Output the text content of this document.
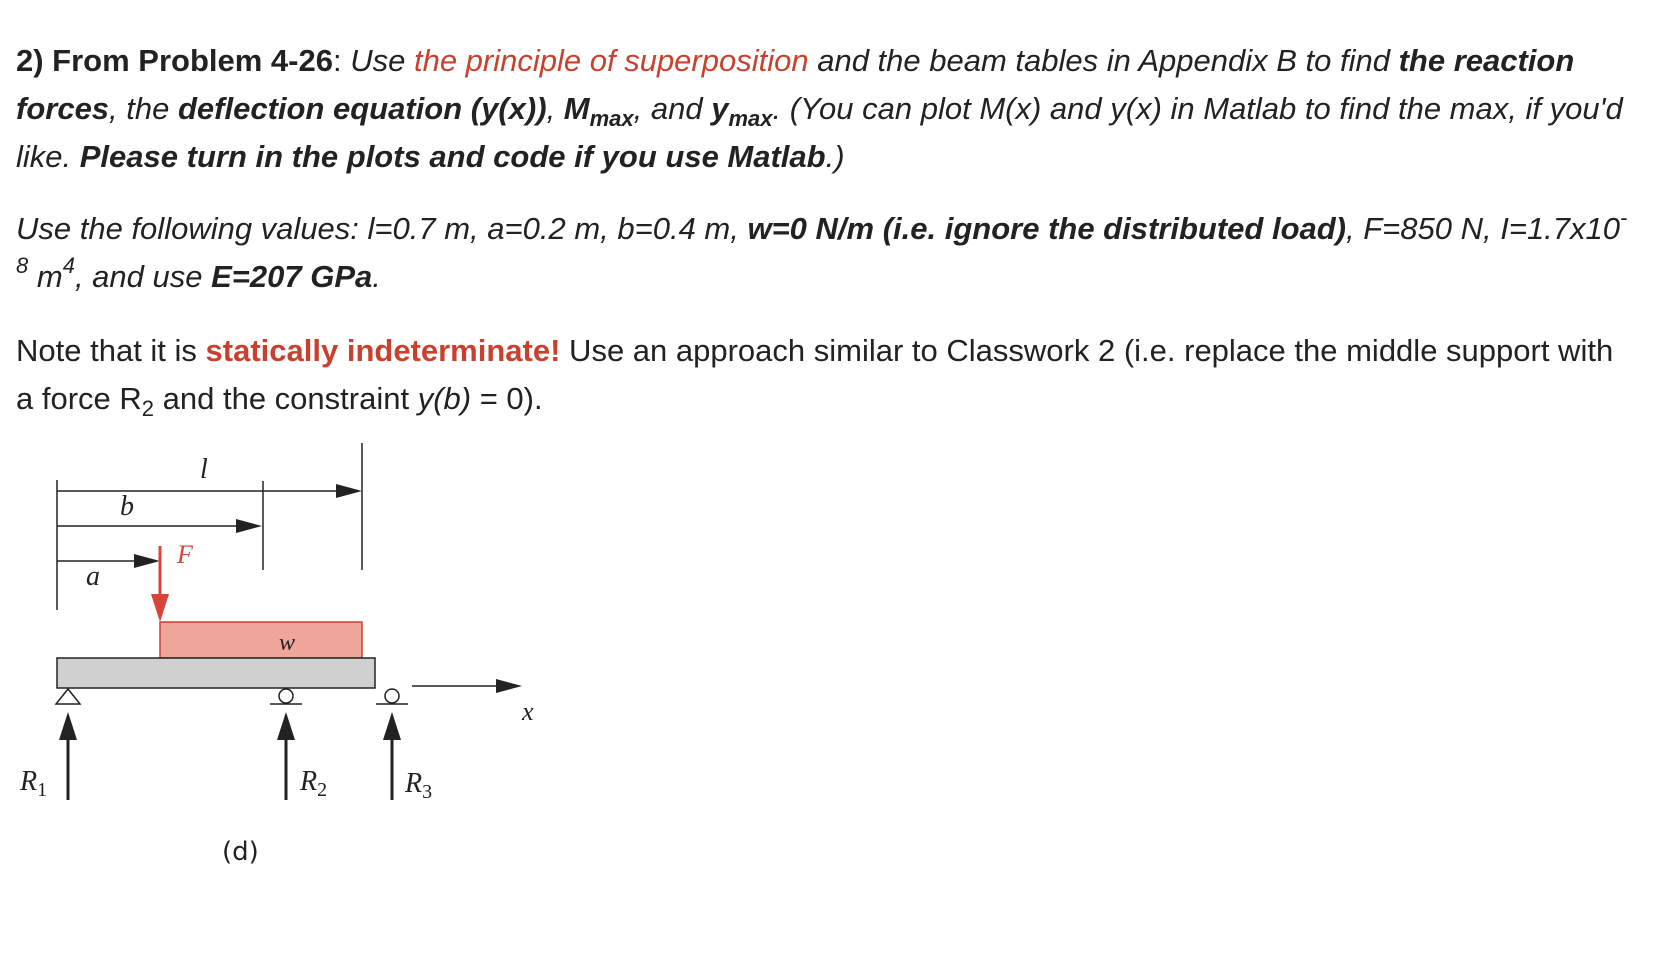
2) From Problem 4-26: Use the principle of superposition and the beam tables in Appendix B to find the reaction forces, the deflection equation (y(x)), $M_{max}$, and $y_{max}$. (You can plot M(x) and y(x) in Matlab to find the max, if you'd like. Please turn in the plots and code if you use Matlab.)

Use the following values: l=0.7 m, a=0.2 m, b=0.4 m, w=0 N/m (i.e. ignore the distributed load), F=850 N, $I=1.7x10^{-8}$ $m^4$, and use E=207 GPa.

Note that it is statically indeterminate! Use an approach similar to Classwork 2 (i.e. replace the middle support with a force $R_2$ and the constraint y(b) = 0).

l
b
a
F
w
x
$R_1$	$R_2$	$R_3$
(d)
